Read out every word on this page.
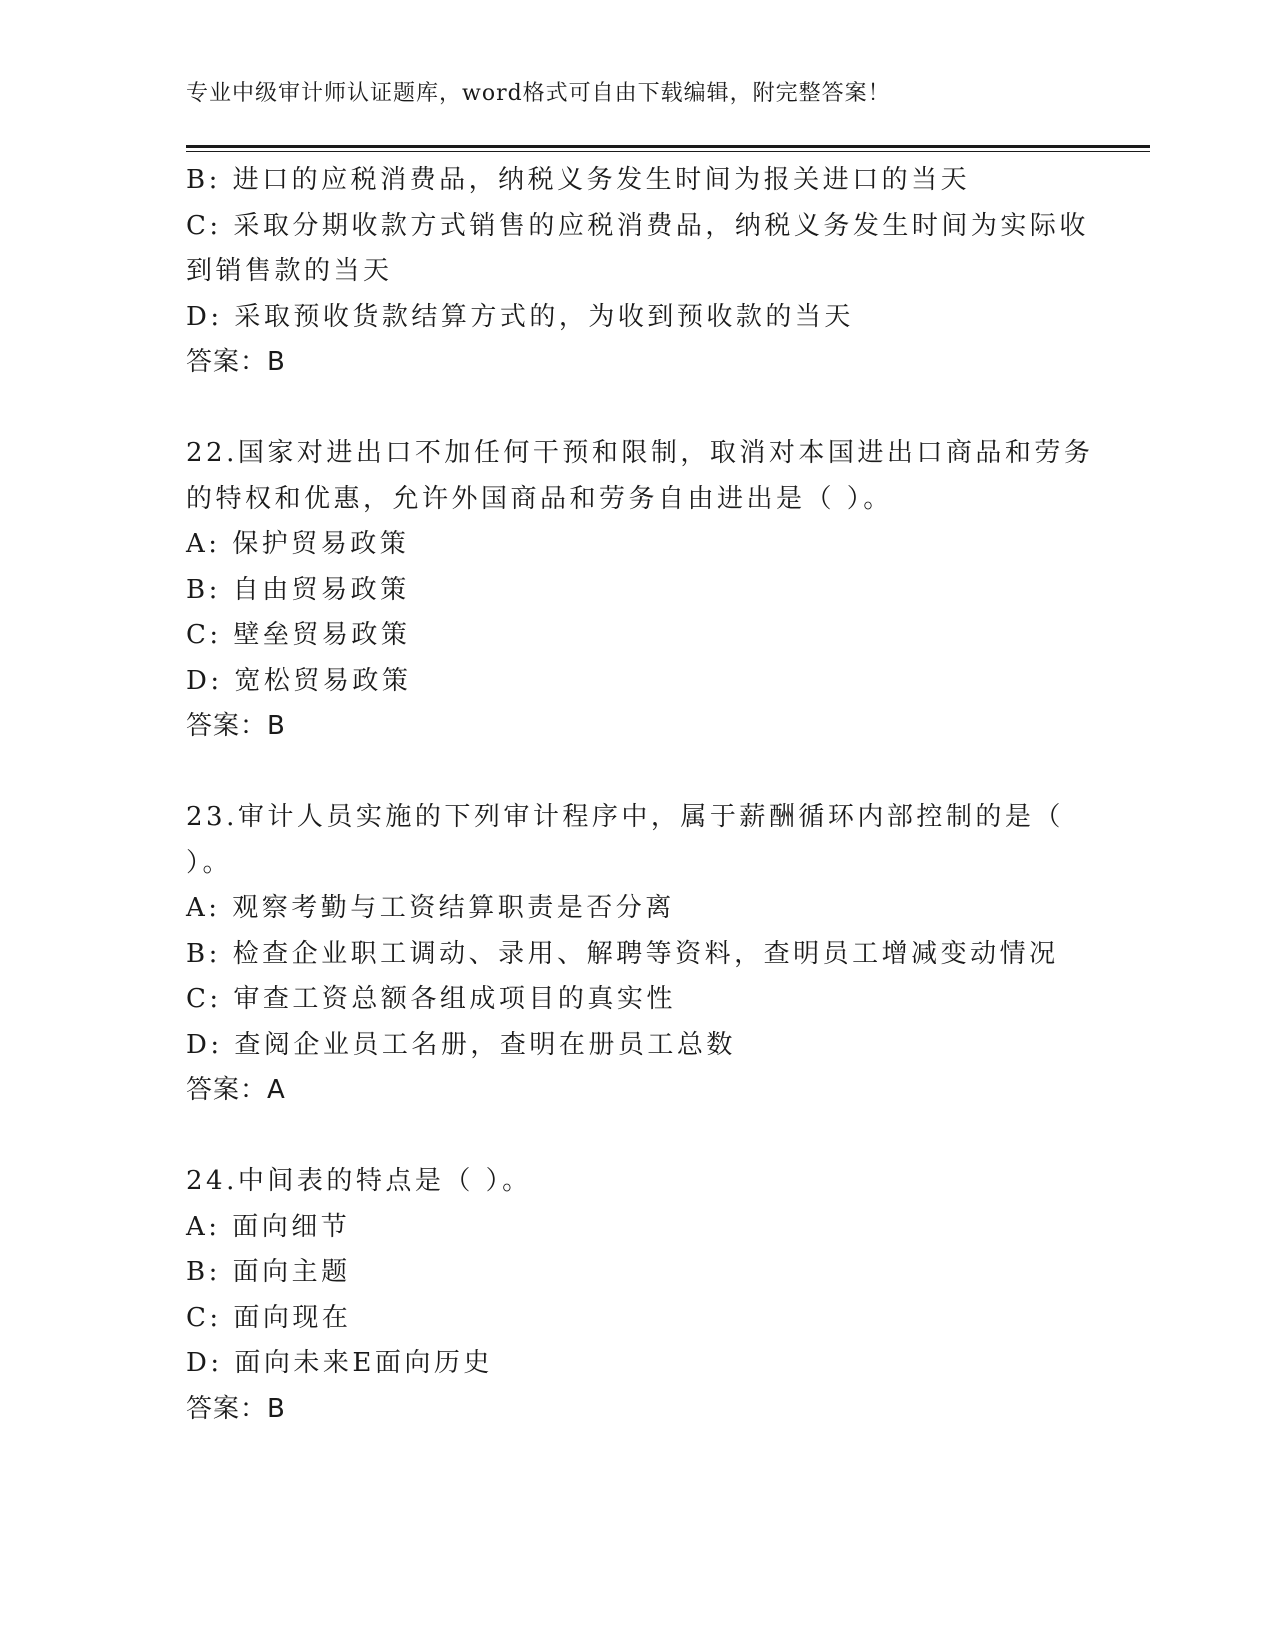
专业中级审计师认证题库，word格式可自由下载编辑，附完整答案！
B: 进口的应税消费品，纳税义务发生时间为报关进口的当天
C: 采取分期收款方式销售的应税消费品，纳税义务发生时间为实际收
到销售款的当天
D: 采取预收货款结算方式的，为收到预收款的当天
答案：B
22.国家对进出口不加任何干预和限制，取消对本国进出口商品和劳务
的特权和优惠，允许外国商品和劳务自由进出是（ ）。
A: 保护贸易政策
B: 自由贸易政策
C: 壁垒贸易政策
D: 宽松贸易政策
答案：B
23.审计人员实施的下列审计程序中，属于薪酬循环内部控制的是（
）。
A: 观察考勤与工资结算职责是否分离
B: 检查企业职工调动、录用、解聘等资料，查明员工增减变动情况
C: 审查工资总额各组成项目的真实性
D: 查阅企业员工名册，查明在册员工总数
答案：A
24.中间表的特点是（ ）。
A: 面向细节
B: 面向主题
C: 面向现在
D: 面向未来E面向历史
答案：B
